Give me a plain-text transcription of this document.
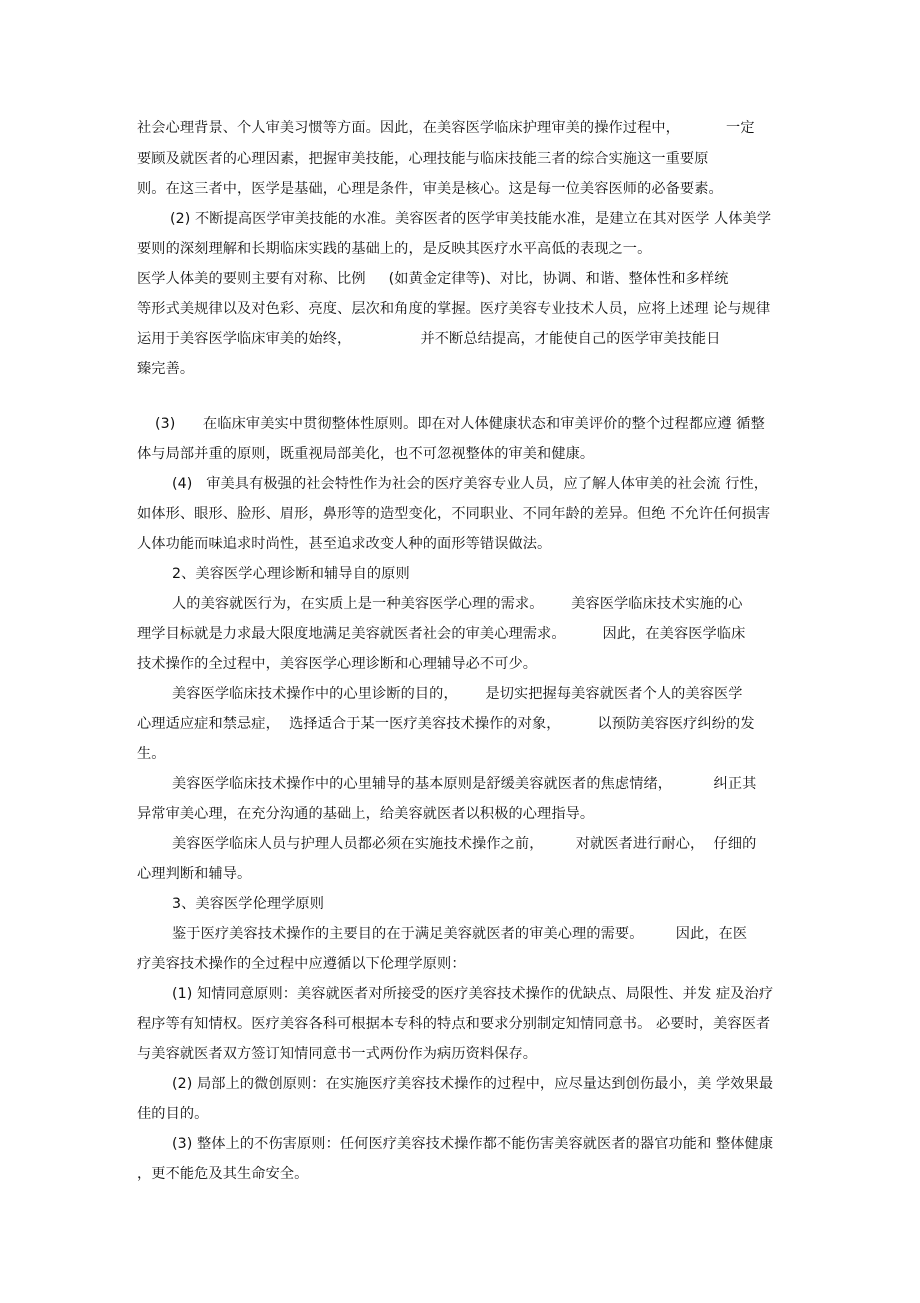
社会心理背景、个人审美习惯等方面。因此，在美容医学临床护理审美的操作过程中，          一定
要顾及就医者的心理因素，把握审美技能，心理技能与临床技能三者的综合实施这一重要原
则。在这三者中，医学是基础，心理是条件，审美是核心。这是每一位美容医师的必备要素。
(2) 不断提高医学审美技能的水准。美容医者的医学审美技能水准，是建立在其对医学 人体美学
要则的深刻理解和长期临床实践的基础上的，是反映其医疗水平高低的表现之一。
医学人体美的要则主要有对称、比例     (如黄金定律等)、对比，协调、和谐、整体性和多样统
等形式美规律以及对色彩、亮度、层次和角度的掌握。医疗美容专业技术人员，应将上述理 论与规律
运用于美容医学临床审美的始终，               并不断总结提高，才能使自己的医学审美技能日
臻完善。
(3)      在临床审美实中贯彻整体性原则。即在对人体健康状态和审美评价的整个过程都应遵 循整
体与局部并重的原则，既重视局部美化，也不可忽视整体的审美和健康。
(4)   审美具有极强的社会特性作为社会的医疗美容专业人员，应了解人体审美的社会流 行性，
如体形、眼形、脸形、眉形，鼻形等的造型变化，不同职业、不同年龄的差异。但绝 不允许任何损害
人体功能而味追求时尚性，甚至追求改变人种的面形等错误做法。
2、美容医学心理诊断和辅导自的原则
人的美容就医行为，在实质上是一种美容医学心理的需求。      美容医学临床技术实施的心
理学目标就是力求最大限度地满足美容就医者社会的审美心理需求。        因此，在美容医学临床
技术操作的全过程中，美容医学心理诊断和心理辅导必不可少。
美容医学临床技术操作中的心里诊断的目的，      是切实把握每美容就医者个人的美容医学
心理适应症和禁忌症，  选择适合于某一医疗美容技术操作的对象，        以预防美容医疗纠纷的发
生。
美容医学临床技术操作中的心里辅导的基本原则是舒缓美容就医者的焦虑情绪，         纠正其
异常审美心理，在充分沟通的基础上，给美容就医者以积极的心理指导。
美容医学临床人员与护理人员都必须在实施技术操作之前，       对就医者进行耐心，  仔细的
心理判断和辅导。
3、美容医学伦理学原则
鉴于医疗美容技术操作的主要目的在于满足美容就医者的审美心理的需要。       因此，在医
疗美容技术操作的全过程中应遵循以下伦理学原则：
(1) 知情同意原则：美容就医者对所接受的医疗美容技术操作的优缺点、局限性、并发 症及治疗
程序等有知情权。医疗美容各科可根据本专科的特点和要求分别制定知情同意书。 必要时，美容医者
与美容就医者双方签订知情同意书一式两份作为病历资料保存。
(2) 局部上的微创原则：在实施医疗美容技术操作的过程中，应尽量达到创伤最小，美 学效果最
佳的目的。
(3) 整体上的不伤害原则：任何医疗美容技术操作都不能伤害美容就医者的器官功能和 整体健康
，更不能危及其生命安全。
